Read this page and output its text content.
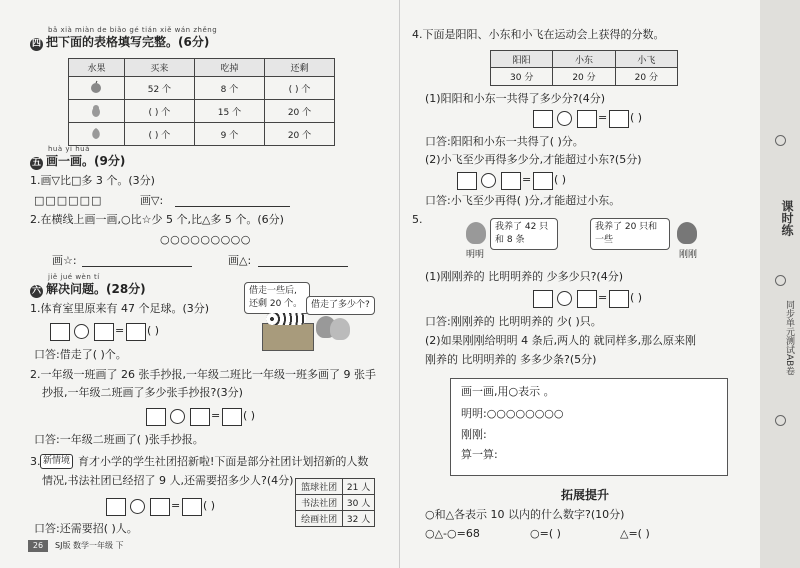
bǎ xià miàn de biǎo gé tián xiě wán zhěng
四 把下面的表格填写完整。(6分)
水果	买来	吃掉	还剩
	52 个	8 个	( ) 个
	( ) 个	15 个	20 个
	( ) 个	9 个	20 个
huà yi huà
五 画一画。(9分)
1.画▽比□多 3 个。(3分)
□□□□□□	画▽:
2.在横线上画一画,○比☆少 5 个,比△多 5 个。(6分)
○○○○○○○○○
画☆:	画△:
jiě jué wèn tí
六 解决问题。(28分)
1.体育室里原来有 47 个足球。(3分)
借走一些后,还剩 20 个。 借走了多少个?
= ( )
口答:借走了( )个。
2.一年级一班画了 26 张手抄报,一年级二班比一年级一班多画了 9 张手
抄报,一年级二班画了多少张手抄报?(3分)
= ( )
口答:一年级二班画了( )张手抄报。
3. 新情境 育才小学的学生社团招新啦!下面是部分社团计划招新的人数
情况,书法社团已经招了 9 人,还需要招多少人?(4分)
= ( )
篮球社团	21 人
书法社团	30 人
绘画社团	32 人
口答:还需要招( )人。
26	SJ版 数学一年级 下
4.下面是阳阳、小东和小飞在运动会上获得的分数。
阳阳	小东	小飞
30 分	20 分	20 分
(1)阳阳和小东一共得了多少分?(4分)
= ( )
口答:阳阳和小东一共得了( )分。
(2)小飞至少再得多少分,才能超过小东?(5分)
= ( )
口答:小飞至少再得( )分,才能超过小东。
5.
明明
我养了 42 只和 8 条
我养了 20 只和一些
刚刚
(1)刚刚养的 比明明养的 少多少只?(4分)
= ( )
口答:刚刚养的 比明明养的 少( )只。
(2)如果刚刚给明明 4 条后,两人的 就同样多,那么原来刚
刚养的 比明明养的 多多少条?(5分)
画一画,用○表示 。
明明:○○○○○○○○
刚刚:
算一算:
拓展提升
○和△各表示 10 以内的什么数字?(10分)
○△-○=68	○=( )	△=( )
课时练
同步单元测试AB卷
